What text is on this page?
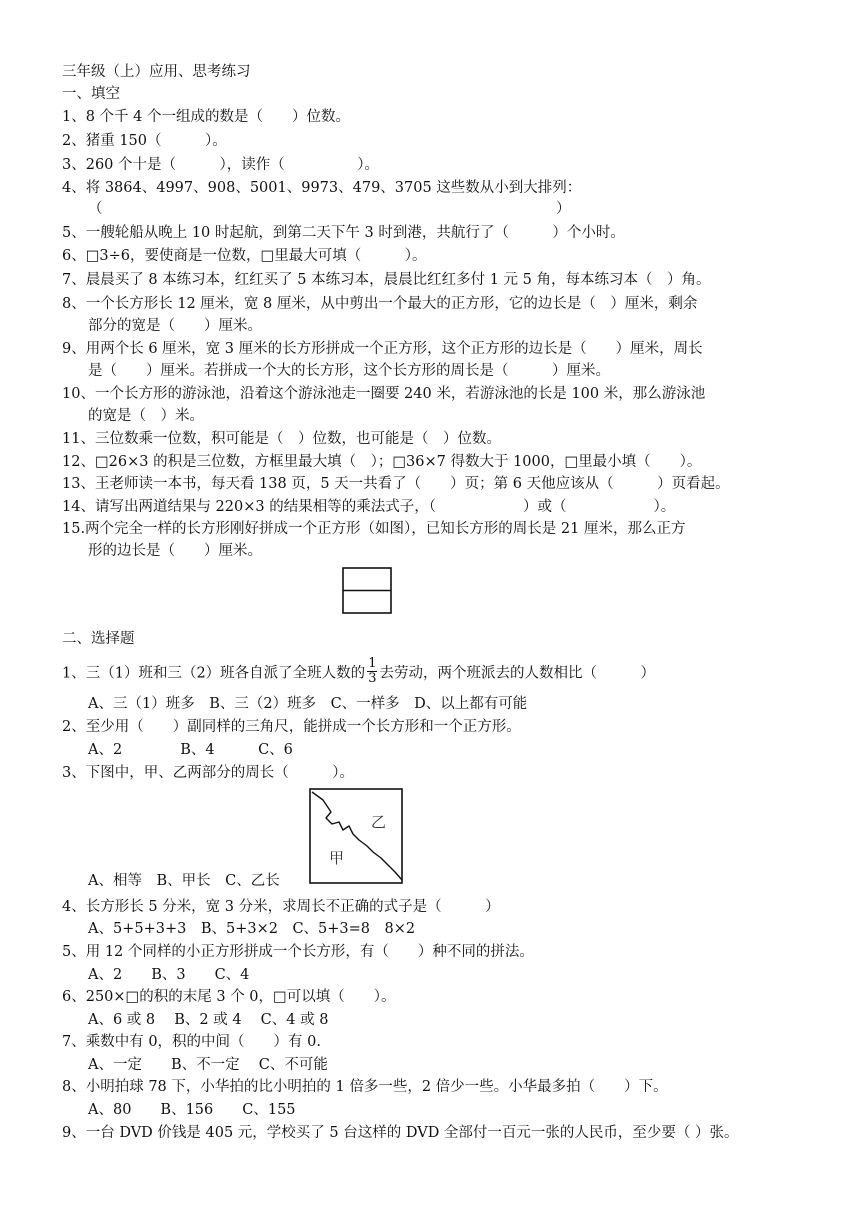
三年级（上）应用、思考练习
一、填空
1、8 个千 4 个一组成的数是（　　）位数。
2、猪重 150（　　　）。
3、260 个十是（　　　），读作（　　　　　）。
4、将 3864、4997、908、5001、9973、479、3705 这些数从小到大排列：
（	）
5、一艘轮船从晚上 10 时起航，到第二天下午 3 时到港，共航行了（　　　）个小时。
6、□3÷6，要使商是一位数，□里最大可填（　　　）。
7、晨晨买了 8 本练习本，红红买了 5 本练习本，晨晨比红红多付 1 元 5 角，每本练习本（　）角。
8、一个长方形长 12 厘米，宽 8 厘米，从中剪出一个最大的正方形，它的边长是（　）厘米，剩余
部分的宽是（　　）厘米。
9、用两个长 6 厘米，宽 3 厘米的长方形拼成一个正方形，这个正方形的边长是（　　）厘米，周长
是（　　）厘米。若拼成一个大的长方形，这个长方形的周长是（　　　）厘米。
10、一个长方形的游泳池，沿着这个游泳池走一圈要 240 米，若游泳池的长是 100 米，那么游泳池
的宽是（　）米。
11、三位数乘一位数，积可能是（　）位数，也可能是（　）位数。
12、□26×3 的积是三位数，方框里最大填（　）；□36×7 得数大于 1000，□里最小填（　　）。
13、王老师读一本书，每天看 138 页，5 天一共看了（　　）页；第 6 天他应该从（　　　）页看起。
14、请写出两道结果与 220×3 的结果相等的乘法式子，（　　　　　　）或（　　　　　　）。
15.两个完全一样的长方形刚好拼成一个正方形（如图），已知长方形的周长是 21 厘米，那么正方
形的边长是（　　）厘米。
二、选择题
1、三（1）班和三（2）班各自派了全班人数的 $\frac{1}{3}$ 去劳动，两个班派去的人数相比（　　　）
A、三（1）班多　B、三（2）班多　C、一样多　D、以上都有可能
2、至少用（　　）副同样的三角尺，能拼成一个长方形和一个正方形。
A、2　　　　B、4　　　C、6
3、下图中，甲、乙两部分的周长（　　　）。
乙
甲
A、相等　B、甲长　C、乙长
4、长方形长 5 分米，宽 3 分米，求周长不正确的式子是（　　　）
A、5+5+3+3　B、5+3×2　C、5+3=8　8×2
5、用 12 个同样的小正方形拼成一个长方形，有（　　）种不同的拼法。
A、2　　B、3　　C、4
6、250×□的积的末尾 3 个 0，□可以填（　　）。
A、6 或 8　 B、2 或 4　 C、4 或 8
7、乘数中有 0，积的中间（　　）有 0.
A、一定　　B、不一定　 C、不可能
8、小明拍球 78 下，小华拍的比小明拍的 1 倍多一些，2 倍少一些。小华最多拍（　　）下。
A、80　　B、156　　C、155
9、一台 DVD 价钱是 405 元，学校买了 5 台这样的 DVD 全部付一百元一张的人民币，至少要（ ）张。
